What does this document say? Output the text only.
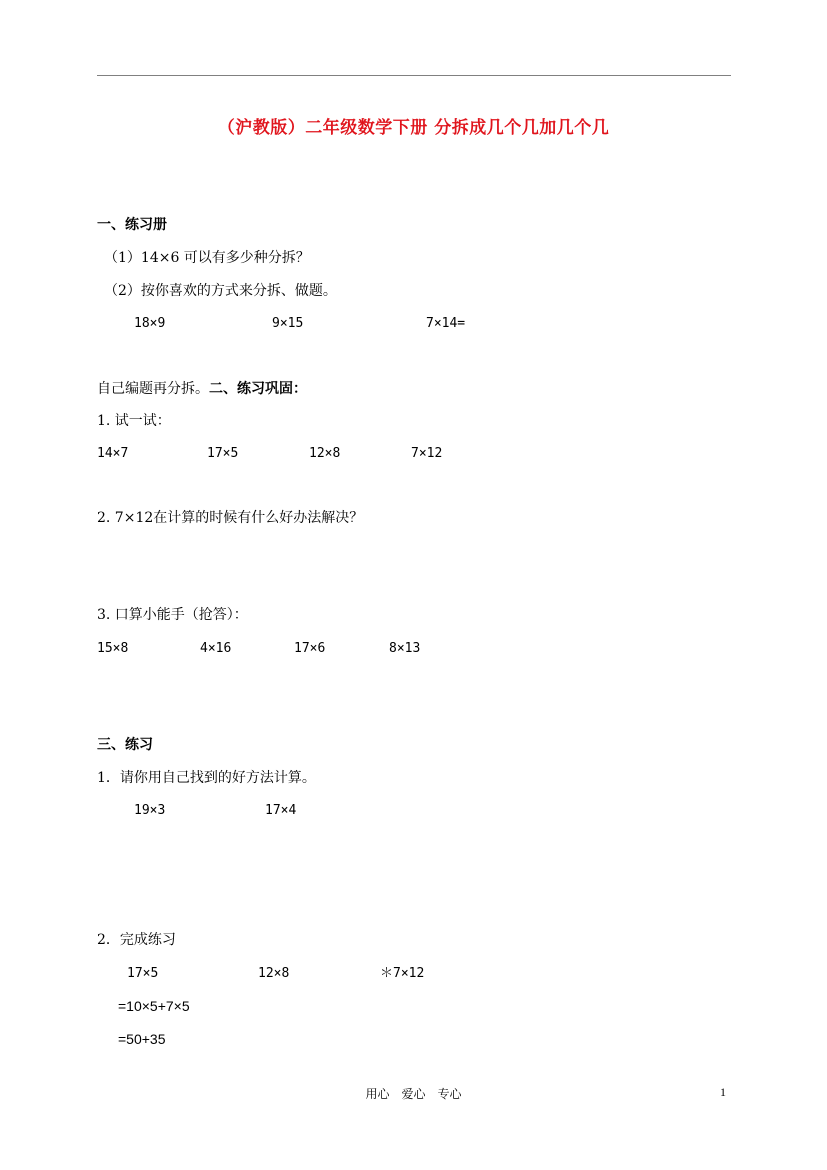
（沪教版）二年级数学下册 分拆成几个几加几个几
一、练习册
（1）14×6 可以有多少种分拆？
（2）按你喜欢的方式来分拆、做题。
18×9	9×15	7×14=
自己编题再分拆。二、练习巩固：
1. 试一试：
14×7	17×5	12×8	7×12
2. 7×12在计算的时候有什么好办法解决？
3. 口算小能手（抢答）：
15×8	4×16	17×6	8×13
三、练习
1．请你用自己找到的好方法计算。
19×3	17×4
2．完成练习
17×5	12×8	＊7×12
=10×5+7×5
=50+35
用心　爱心　专心	1
